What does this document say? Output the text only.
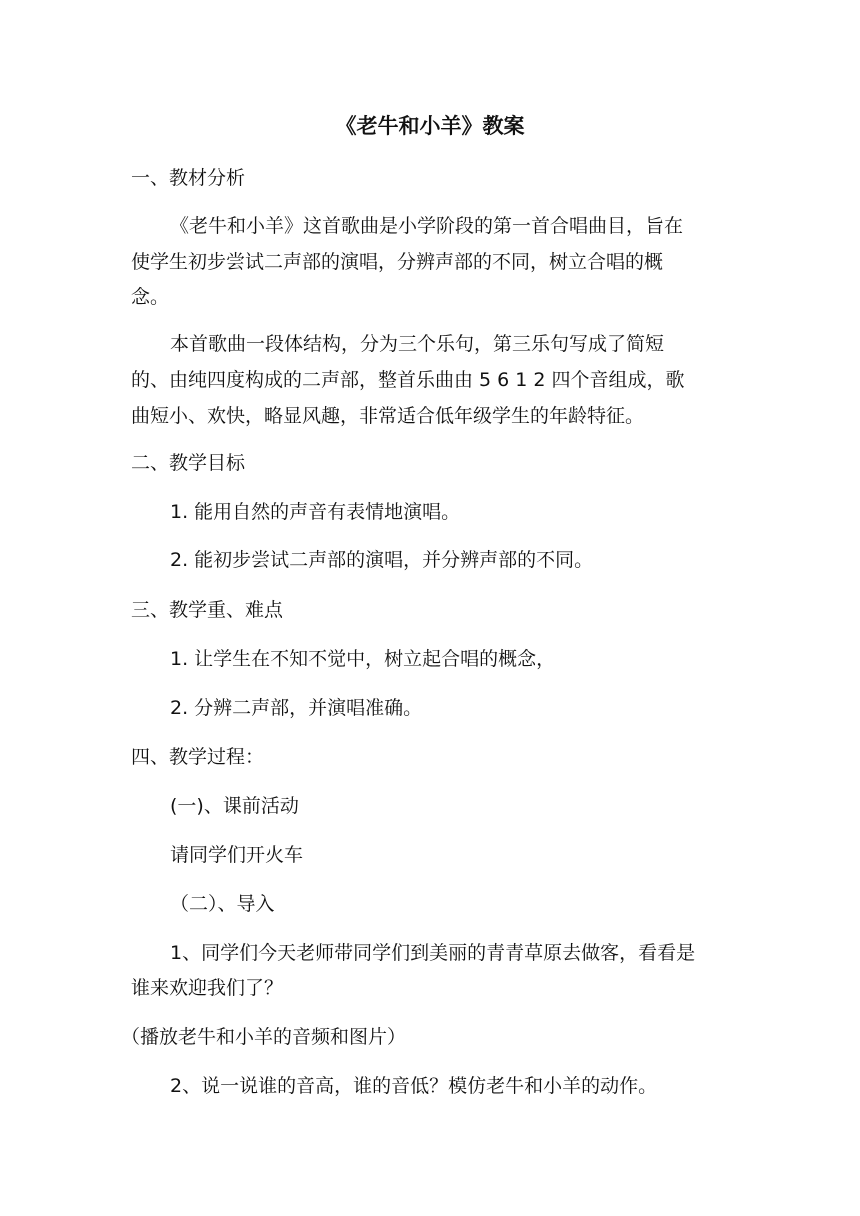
《老牛和小羊》教案
一、教材分析
《老牛和小羊》这首歌曲是小学阶段的第一首合唱曲目，旨在
使学生初步尝试二声部的演唱，分辨声部的不同，树立合唱的概
念。
本首歌曲一段体结构，分为三个乐句，第三乐句写成了简短
的、由纯四度构成的二声部，整首乐曲由 5 6 1 2 四个音组成，歌
曲短小、欢快，略显风趣，非常适合低年级学生的年龄特征。
二、教学目标
1. 能用自然的声音有表情地演唱。
2. 能初步尝试二声部的演唱，并分辨声部的不同。
三、教学重、难点
1. 让学生在不知不觉中，树立起合唱的概念，
2. 分辨二声部，并演唱准确。
四、教学过程：
(一)、课前活动
请同学们开火车
（二）、导入
1、同学们今天老师带同学们到美丽的青青草原去做客，看看是
谁来欢迎我们了？
（播放老牛和小羊的音频和图片）
2、说一说谁的音高，谁的音低？模仿老牛和小羊的动作。
